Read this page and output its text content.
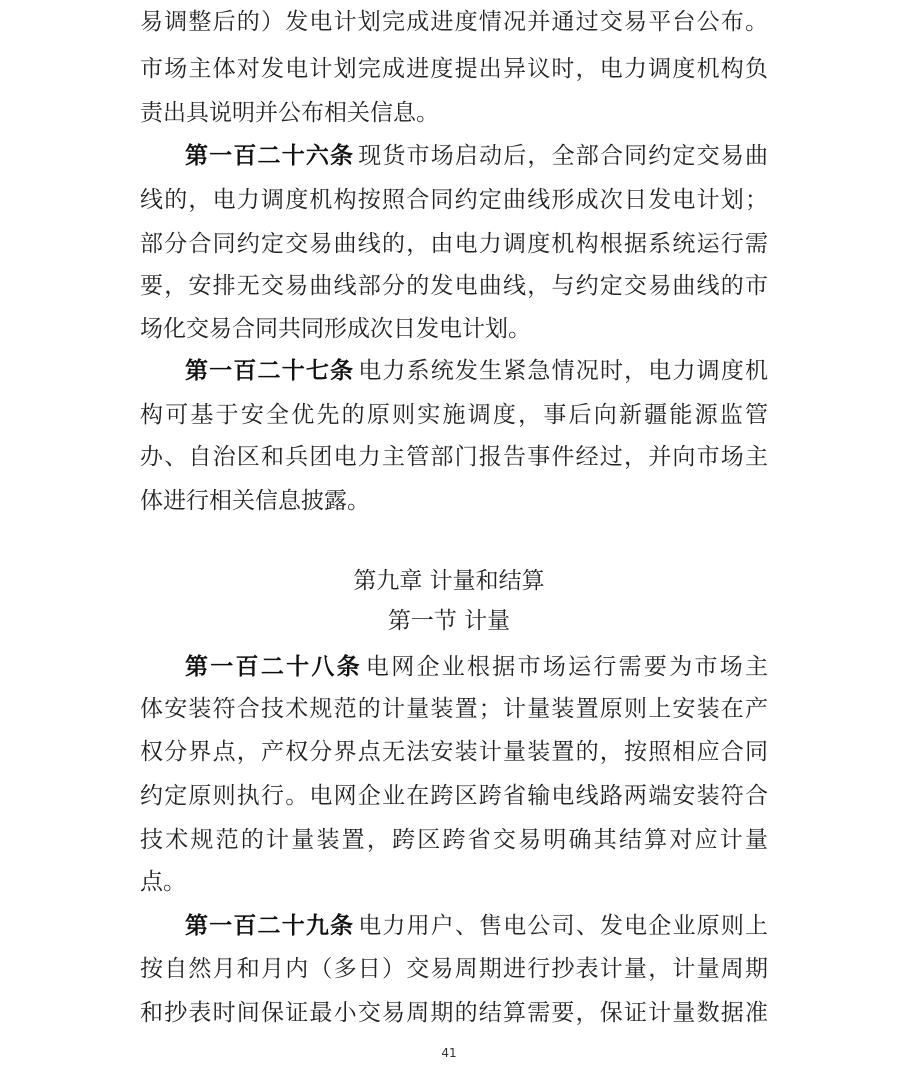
易调整后的）发电计划完成进度情况并通过交易平台公布。
市场主体对发电计划完成进度提出异议时，电力调度机构负
责出具说明并公布相关信息。
第一百二十六条 现货市场启动后，全部合同约定交易曲
线的，电力调度机构按照合同约定曲线形成次日发电计划；
部分合同约定交易曲线的，由电力调度机构根据系统运行需
要，安排无交易曲线部分的发电曲线，与约定交易曲线的市
场化交易合同共同形成次日发电计划。
第一百二十七条 电力系统发生紧急情况时，电力调度机
构可基于安全优先的原则实施调度，事后向新疆能源监管
办、自治区和兵团电力主管部门报告事件经过，并向市场主
体进行相关信息披露。
第九章 计量和结算
第一节 计量
第一百二十八条 电网企业根据市场运行需要为市场主
体安装符合技术规范的计量装置；计量装置原则上安装在产
权分界点，产权分界点无法安装计量装置的，按照相应合同
约定原则执行。电网企业在跨区跨省输电线路两端安装符合
技术规范的计量装置，跨区跨省交易明确其结算对应计量
点。
第一百二十九条 电力用户、售电公司、发电企业原则上
按自然月和月内（多日）交易周期进行抄表计量，计量周期
和抄表时间保证最小交易周期的结算需要，保证计量数据准
41
